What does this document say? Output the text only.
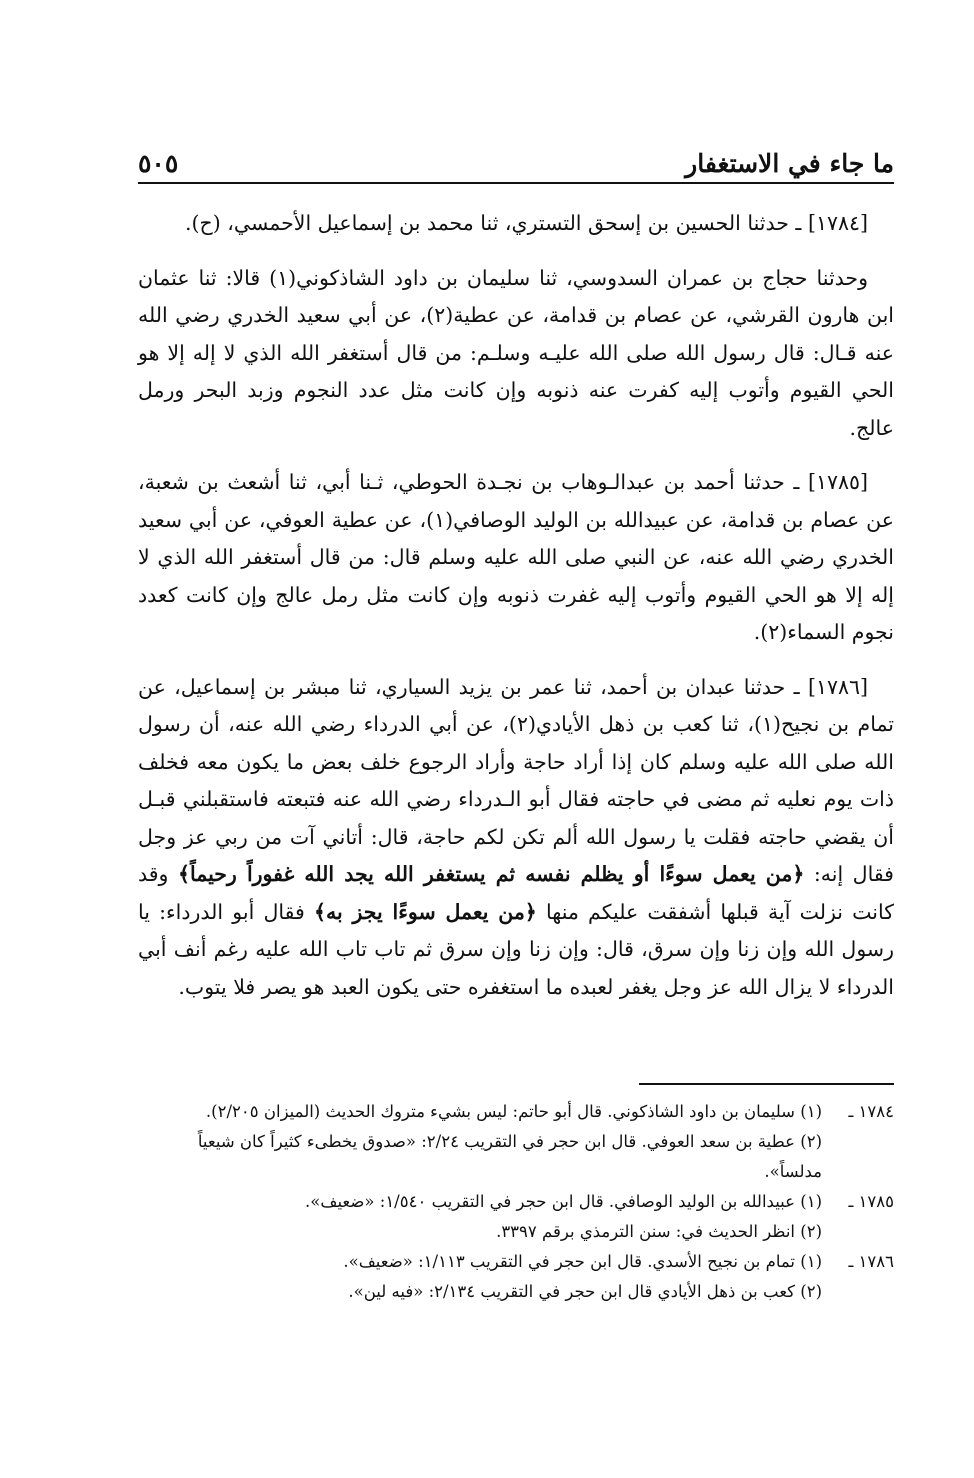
ما جاء في الاستغفار
٥٠٥

[١٧٨٤] ـ حدثنا الحسين بن إسحق التستري، ثنا محمد بن إسماعيل الأحمسي، (ح).

وحدثنا حجاج بن عمران السدوسي، ثنا سليمان بن داود الشاذكوني(١) قالا: ثنا عثمان ابن هارون القرشي، عن عصام بن قدامة، عن عطية(٢)، عن أبي سعيد الخدري رضي الله عنه قـال: قال رسول الله صلى الله عليـه وسلـم: من قال أستغفر الله الذي لا إله إلا هو الحي القيوم وأتوب إليه كفرت عنه ذنوبه وإن كانت مثل عدد النجوم وزبد البحر ورمل عالج.

[١٧٨٥] ـ حدثنا أحمد بن عبدالـوهاب بن نجـدة الحوطي، ثـنا أبي، ثنا أشعث بن شعبة، عن عصام بن قدامة، عن عبيدالله بن الوليد الوصافي(١)، عن عطية العوفي، عن أبي سعيد الخدري رضي الله عنه، عن النبي صلى الله عليه وسلم قال: من قال أستغفر الله الذي لا إله إلا هو الحي القيوم وأتوب إليه غفرت ذنوبه وإن كانت مثل رمل عالج وإن كانت كعدد نجوم السماء(٢).

[١٧٨٦] ـ حدثنا عبدان بن أحمد، ثنا عمر بن يزيد السياري، ثنا مبشر بن إسماعيل، عن تمام بن نجيح(١)، ثنا كعب بن ذهل الأيادي(٢)، عن أبي الدرداء رضي الله عنه، أن رسول الله صلى الله عليه وسلم كان إذا أراد حاجة وأراد الرجوع خلف بعض ما يكون معه فخلف ذات يوم نعليه ثم مضى في حاجته فقال أبو الـدرداء رضي الله عنه فتبعته فاستقبلني قبـل أن يقضي حاجته فقلت يا رسول الله ألم تكن لكم حاجة، قال: أتاني آت من ربي عز وجل فقال إنه: ﴿من يعمل سوءًا أو يظلم نفسه ثم يستغفر الله يجد الله غفوراً رحيماً﴾ وقد كانت نزلت آية قبلها أشفقت عليكم منها ﴿من يعمل سوءًا يجز به﴾ فقال أبو الدرداء: يا رسول الله وإن زنا وإن سرق، قال: وإن زنا وإن سرق ثم تاب تاب الله عليه رغم أنف أبي الدرداء لا يزال الله عز وجل يغفر لعبده ما استغفره حتى يكون العبد هو يصر فلا يتوب.

١٧٨٤ ـ

(١) سليمان بن داود الشاذكوني. قال أبو حاتم: ليس بشيء متروك الحديث (الميزان ٢/٢٠٥).

(٢) عطية بن سعد العوفي. قال ابن حجر في التقريب ٢/٢٤: «صدوق يخطىء كثيراً كان شيعياً مدلساً».

١٧٨٥ ـ

(١) عبيدالله بن الوليد الوصافي. قال ابن حجر في التقريب ١/٥٤٠: «ضعيف».

(٢) انظر الحديث في: سنن الترمذي برقم ٣٣٩٧.

١٧٨٦ ـ

(١) تمام بن نجيح الأسدي. قال ابن حجر في التقريب ١/١١٣: «ضعيف».

(٢) كعب بن ذهل الأيادي قال ابن حجر في التقريب ٢/١٣٤: «فيه لين».
